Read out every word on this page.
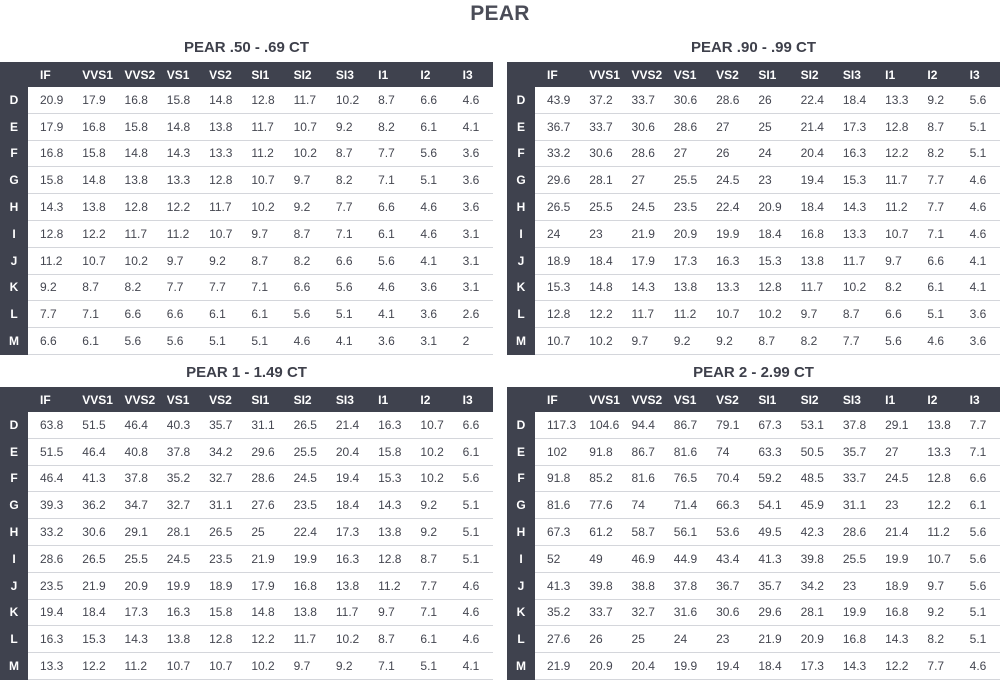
PEAR
PEAR .50 - .69 CT
	IF	VVS1	VVS2	VS1	VS2	SI1	SI2	SI3	I1	I2	I3
D	20.9	17.9	16.8	15.8	14.8	12.8	11.7	10.2	8.7	6.6	4.6
E	17.9	16.8	15.8	14.8	13.8	11.7	10.7	9.2	8.2	6.1	4.1
F	16.8	15.8	14.8	14.3	13.3	11.2	10.2	8.7	7.7	5.6	3.6
G	15.8	14.8	13.8	13.3	12.8	10.7	9.7	8.2	7.1	5.1	3.6
H	14.3	13.8	12.8	12.2	11.7	10.2	9.2	7.7	6.6	4.6	3.6
I	12.8	12.2	11.7	11.2	10.7	9.7	8.7	7.1	6.1	4.6	3.1
J	11.2	10.7	10.2	9.7	9.2	8.7	8.2	6.6	5.6	4.1	3.1
K	9.2	8.7	8.2	7.7	7.7	7.1	6.6	5.6	4.6	3.6	3.1
L	7.7	7.1	6.6	6.6	6.1	6.1	5.6	5.1	4.1	3.6	2.6
M	6.6	6.1	5.6	5.6	5.1	5.1	4.6	4.1	3.6	3.1	2
PEAR .90 - .99 CT
	IF	VVS1	VVS2	VS1	VS2	SI1	SI2	SI3	I1	I2	I3
D	43.9	37.2	33.7	30.6	28.6	26	22.4	18.4	13.3	9.2	5.6
E	36.7	33.7	30.6	28.6	27	25	21.4	17.3	12.8	8.7	5.1
F	33.2	30.6	28.6	27	26	24	20.4	16.3	12.2	8.2	5.1
G	29.6	28.1	27	25.5	24.5	23	19.4	15.3	11.7	7.7	4.6
H	26.5	25.5	24.5	23.5	22.4	20.9	18.4	14.3	11.2	7.7	4.6
I	24	23	21.9	20.9	19.9	18.4	16.8	13.3	10.7	7.1	4.6
J	18.9	18.4	17.9	17.3	16.3	15.3	13.8	11.7	9.7	6.6	4.1
K	15.3	14.8	14.3	13.8	13.3	12.8	11.7	10.2	8.2	6.1	4.1
L	12.8	12.2	11.7	11.2	10.7	10.2	9.7	8.7	6.6	5.1	3.6
M	10.7	10.2	9.7	9.2	9.2	8.7	8.2	7.7	5.6	4.6	3.6
PEAR 1 - 1.49 CT
	IF	VVS1	VVS2	VS1	VS2	SI1	SI2	SI3	I1	I2	I3
D	63.8	51.5	46.4	40.3	35.7	31.1	26.5	21.4	16.3	10.7	6.6
E	51.5	46.4	40.8	37.8	34.2	29.6	25.5	20.4	15.8	10.2	6.1
F	46.4	41.3	37.8	35.2	32.7	28.6	24.5	19.4	15.3	10.2	5.6
G	39.3	36.2	34.7	32.7	31.1	27.6	23.5	18.4	14.3	9.2	5.1
H	33.2	30.6	29.1	28.1	26.5	25	22.4	17.3	13.8	9.2	5.1
I	28.6	26.5	25.5	24.5	23.5	21.9	19.9	16.3	12.8	8.7	5.1
J	23.5	21.9	20.9	19.9	18.9	17.9	16.8	13.8	11.2	7.7	4.6
K	19.4	18.4	17.3	16.3	15.8	14.8	13.8	11.7	9.7	7.1	4.6
L	16.3	15.3	14.3	13.8	12.8	12.2	11.7	10.2	8.7	6.1	4.6
M	13.3	12.2	11.2	10.7	10.7	10.2	9.7	9.2	7.1	5.1	4.1
PEAR 2 - 2.99 CT
	IF	VVS1	VVS2	VS1	VS2	SI1	SI2	SI3	I1	I2	I3
D	117.3	104.6	94.4	86.7	79.1	67.3	53.1	37.8	29.1	13.8	7.7
E	102	91.8	86.7	81.6	74	63.3	50.5	35.7	27	13.3	7.1
F	91.8	85.2	81.6	76.5	70.4	59.2	48.5	33.7	24.5	12.8	6.6
G	81.6	77.6	74	71.4	66.3	54.1	45.9	31.1	23	12.2	6.1
H	67.3	61.2	58.7	56.1	53.6	49.5	42.3	28.6	21.4	11.2	5.6
I	52	49	46.9	44.9	43.4	41.3	39.8	25.5	19.9	10.7	5.6
J	41.3	39.8	38.8	37.8	36.7	35.7	34.2	23	18.9	9.7	5.6
K	35.2	33.7	32.7	31.6	30.6	29.6	28.1	19.9	16.8	9.2	5.1
L	27.6	26	25	24	23	21.9	20.9	16.8	14.3	8.2	5.1
M	21.9	20.9	20.4	19.9	19.4	18.4	17.3	14.3	12.2	7.7	4.6
